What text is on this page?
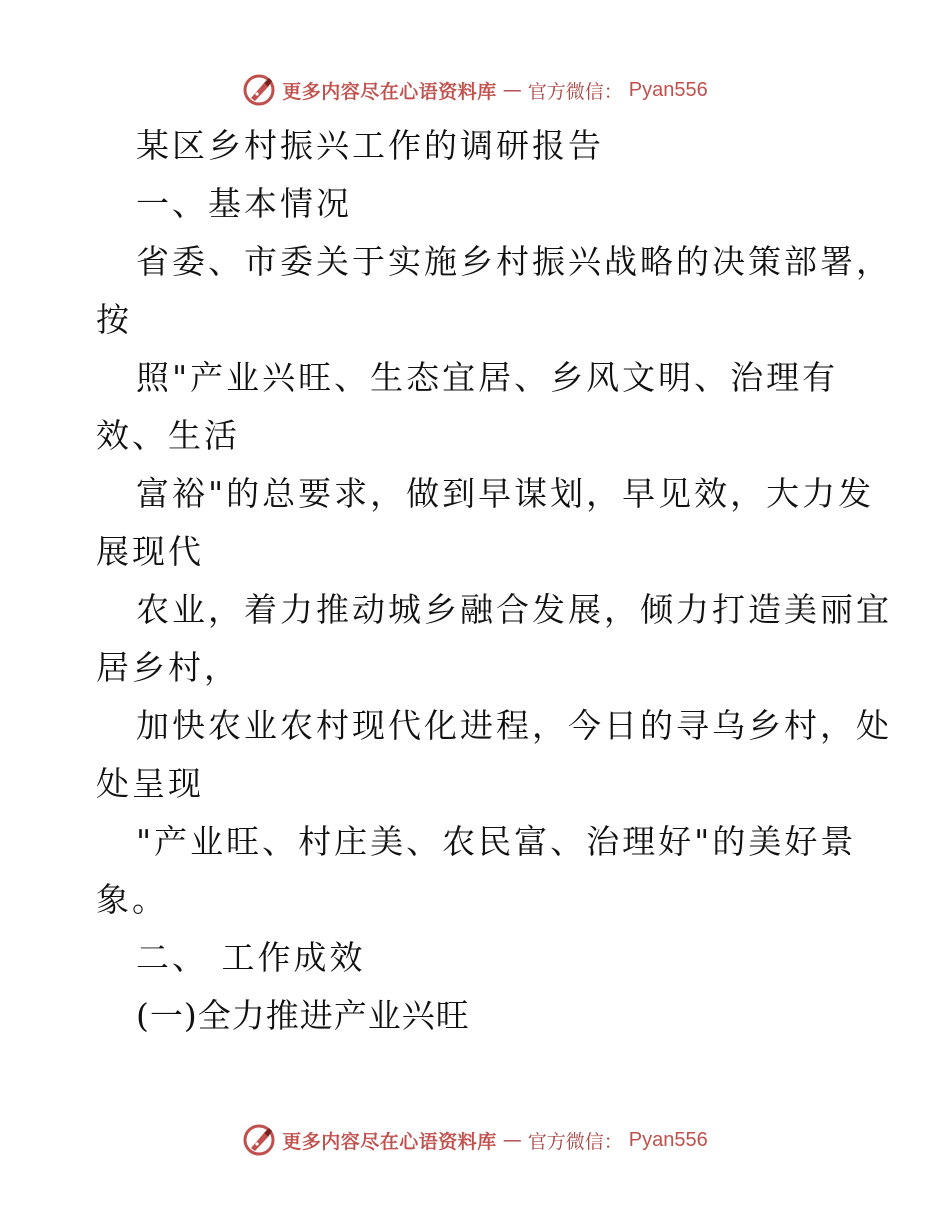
更多内容尽在心语资料库 — 官方微信： Pyan556
某区乡村振兴工作的调研报告
一、基本情况
省委、市委关于实施乡村振兴战略的决策部署，
按
照"产业兴旺、生态宜居、乡风文明、治理有
效、生活
富裕"的总要求，做到早谋划，早见效，大力发
展现代
农业，着力推动城乡融合发展，倾力打造美丽宜
居乡村，
加快农业农村现代化进程，今日的寻乌乡村，处
处呈现
"产业旺、村庄美、农民富、治理好"的美好景
象。
二、 工作成效
(一)全力推进产业兴旺
更多内容尽在心语资料库 — 官方微信： Pyan556
